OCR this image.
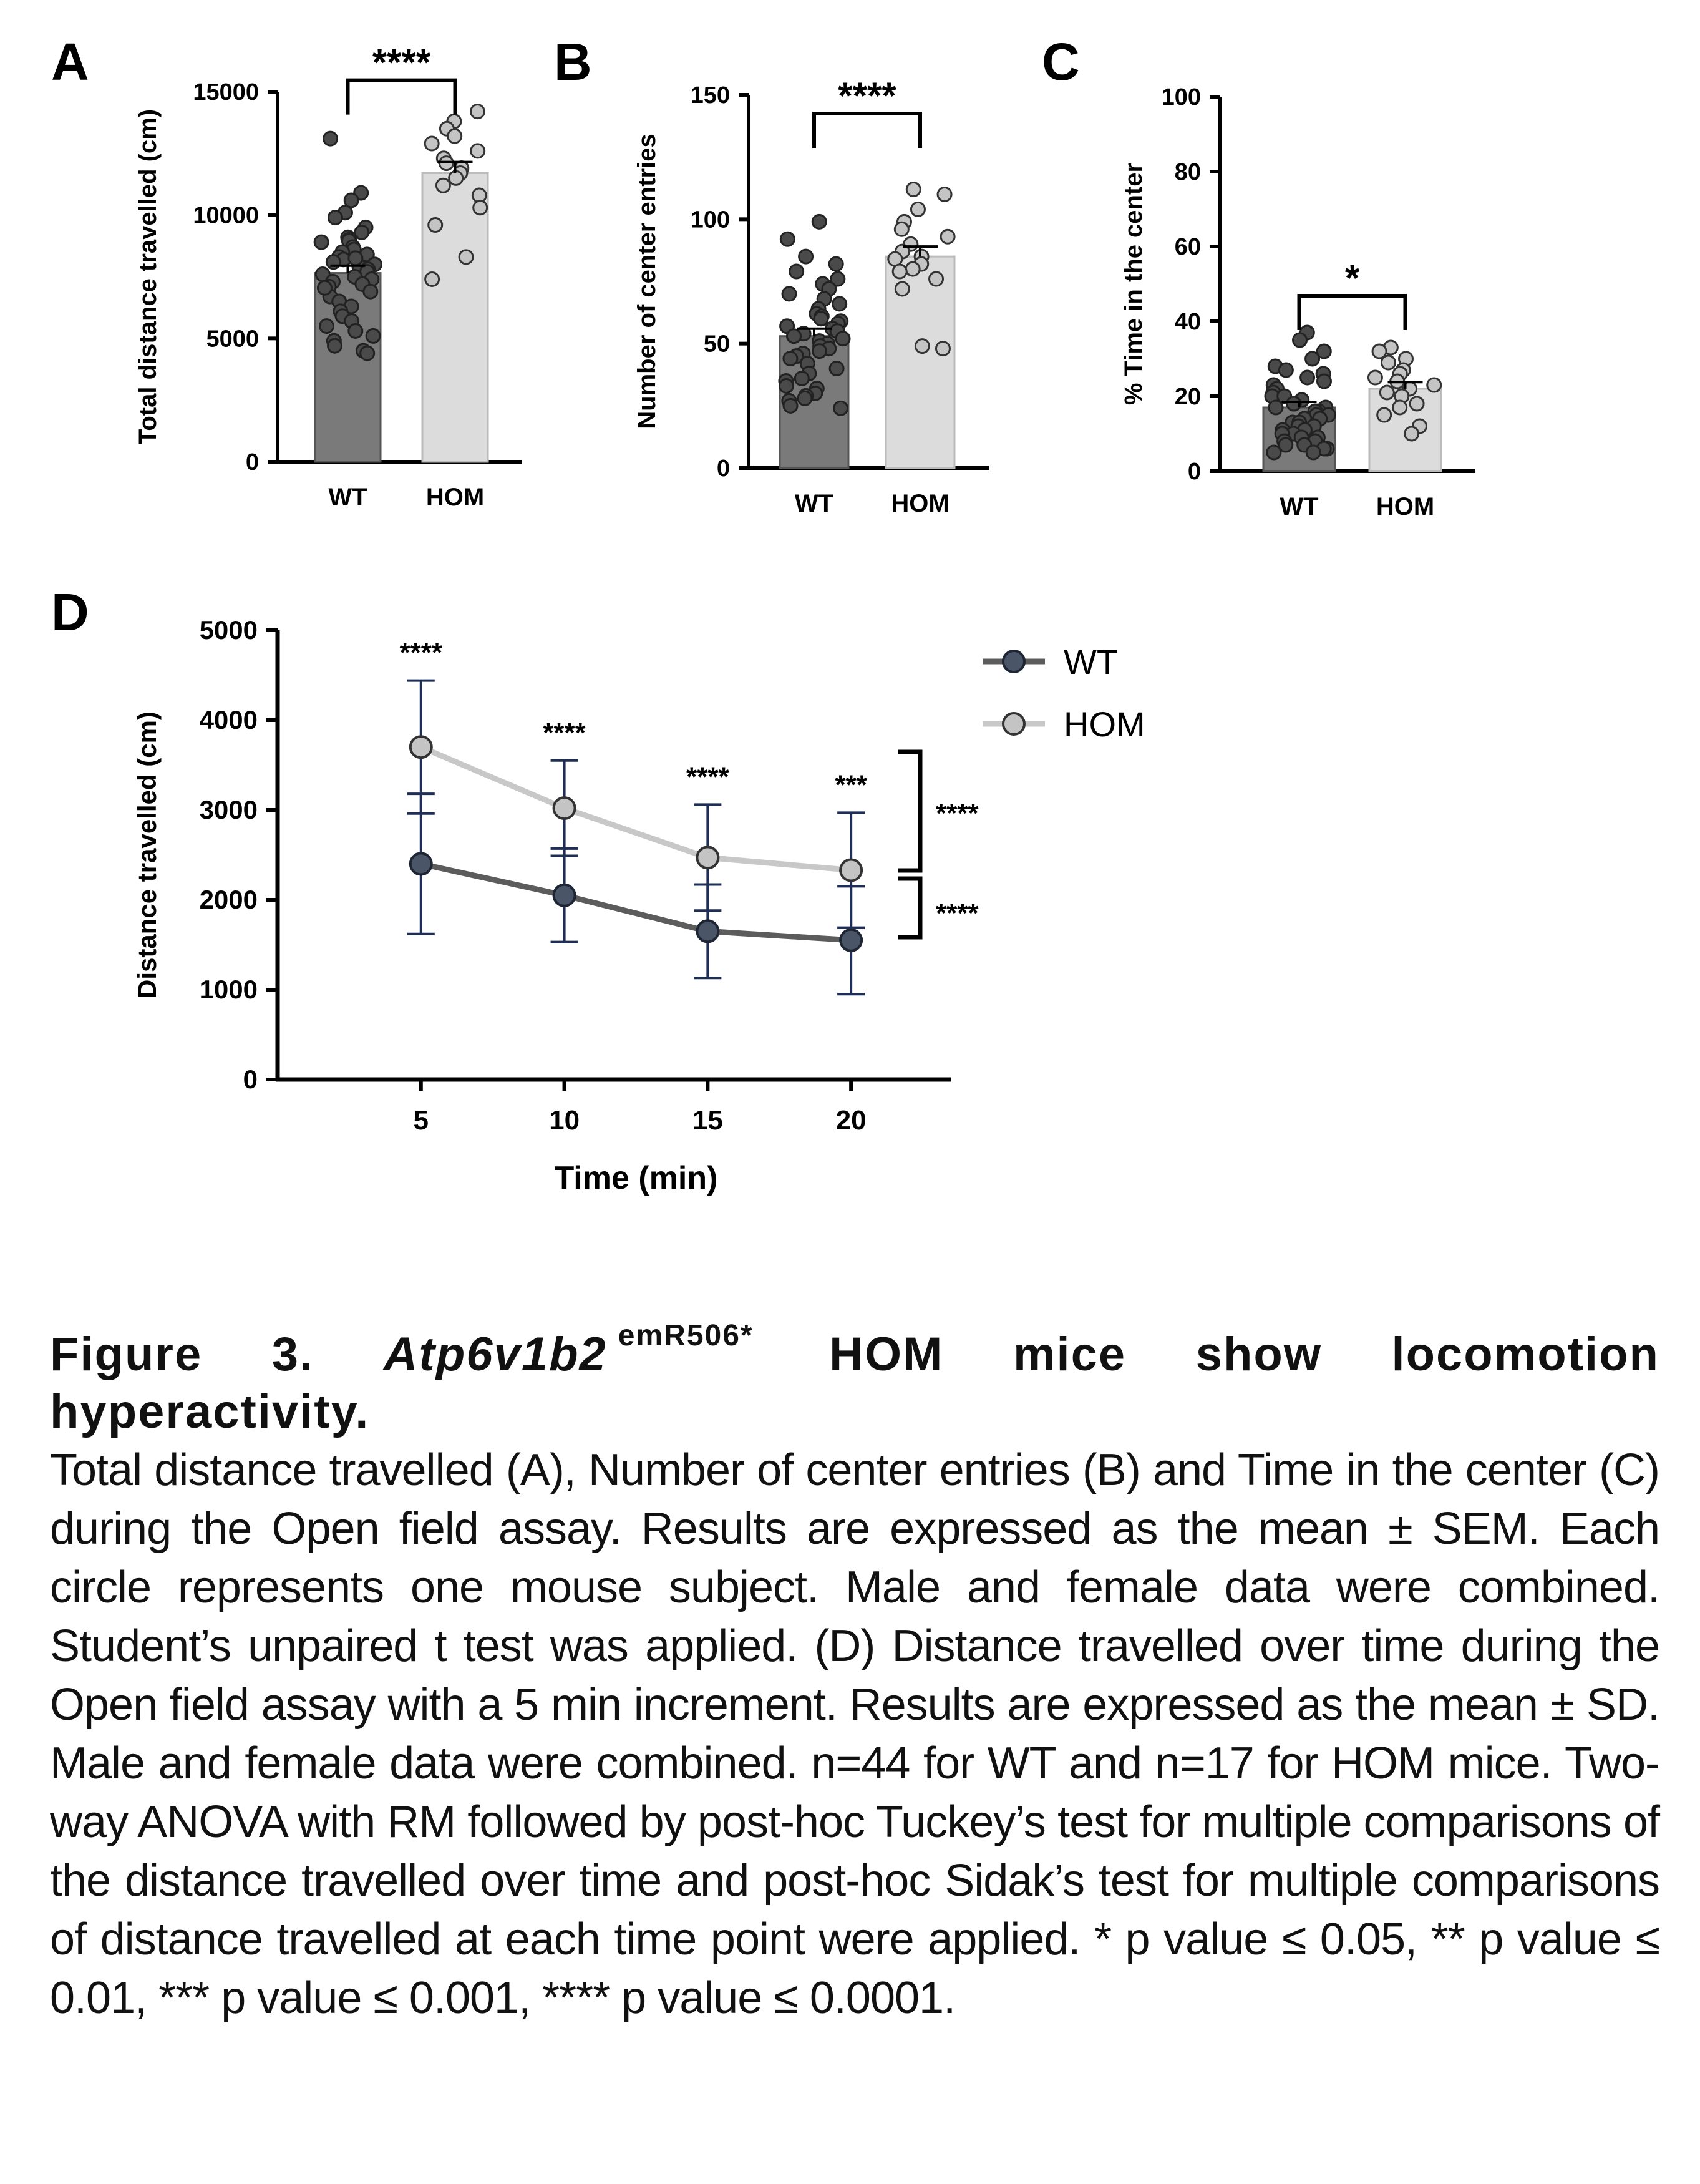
A
0
5000
10000
15000
Total distance travelled (cm)
WT HOM
**** B
0
50
100
150
Number of center entries
WT HOM
****
C
0
20
40
60
80
100
% Time in the center
WT HOM
*
D
0
1000
2000
3000
4000
5000
5	10	15	20
Time (min)
Distance travelled (cm)
****
****
****	***
****
****
WT
HOM
Figure 3. Atp6v1b2 $^{emR506*}$ HOM mice show locomotion hyperactivity.
Total distance travelled (A), Number of center entries (B) and Time in the center (C) during the Open field assay. Results are expressed as the mean ± SEM. Each circle represents one mouse subject. Male and female data were combined. Student’s unpaired t test was applied. (D) Distance travelled over time during the Open field assay with a 5 min increment. Results are expressed as the mean ± SD. Male and female data were combined. n=44 for WT and n=17 for HOM mice. Two-way ANOVA with RM followed by post-hoc Tuckey’s test for multiple comparisons of the distance travelled over time and post-hoc Sidak’s test for multiple comparisons of distance travelled at each time point were applied. * p value ≤ 0.05, ** p value ≤ 0.01, *** p value ≤ 0.001, **** p value ≤ 0.0001.
